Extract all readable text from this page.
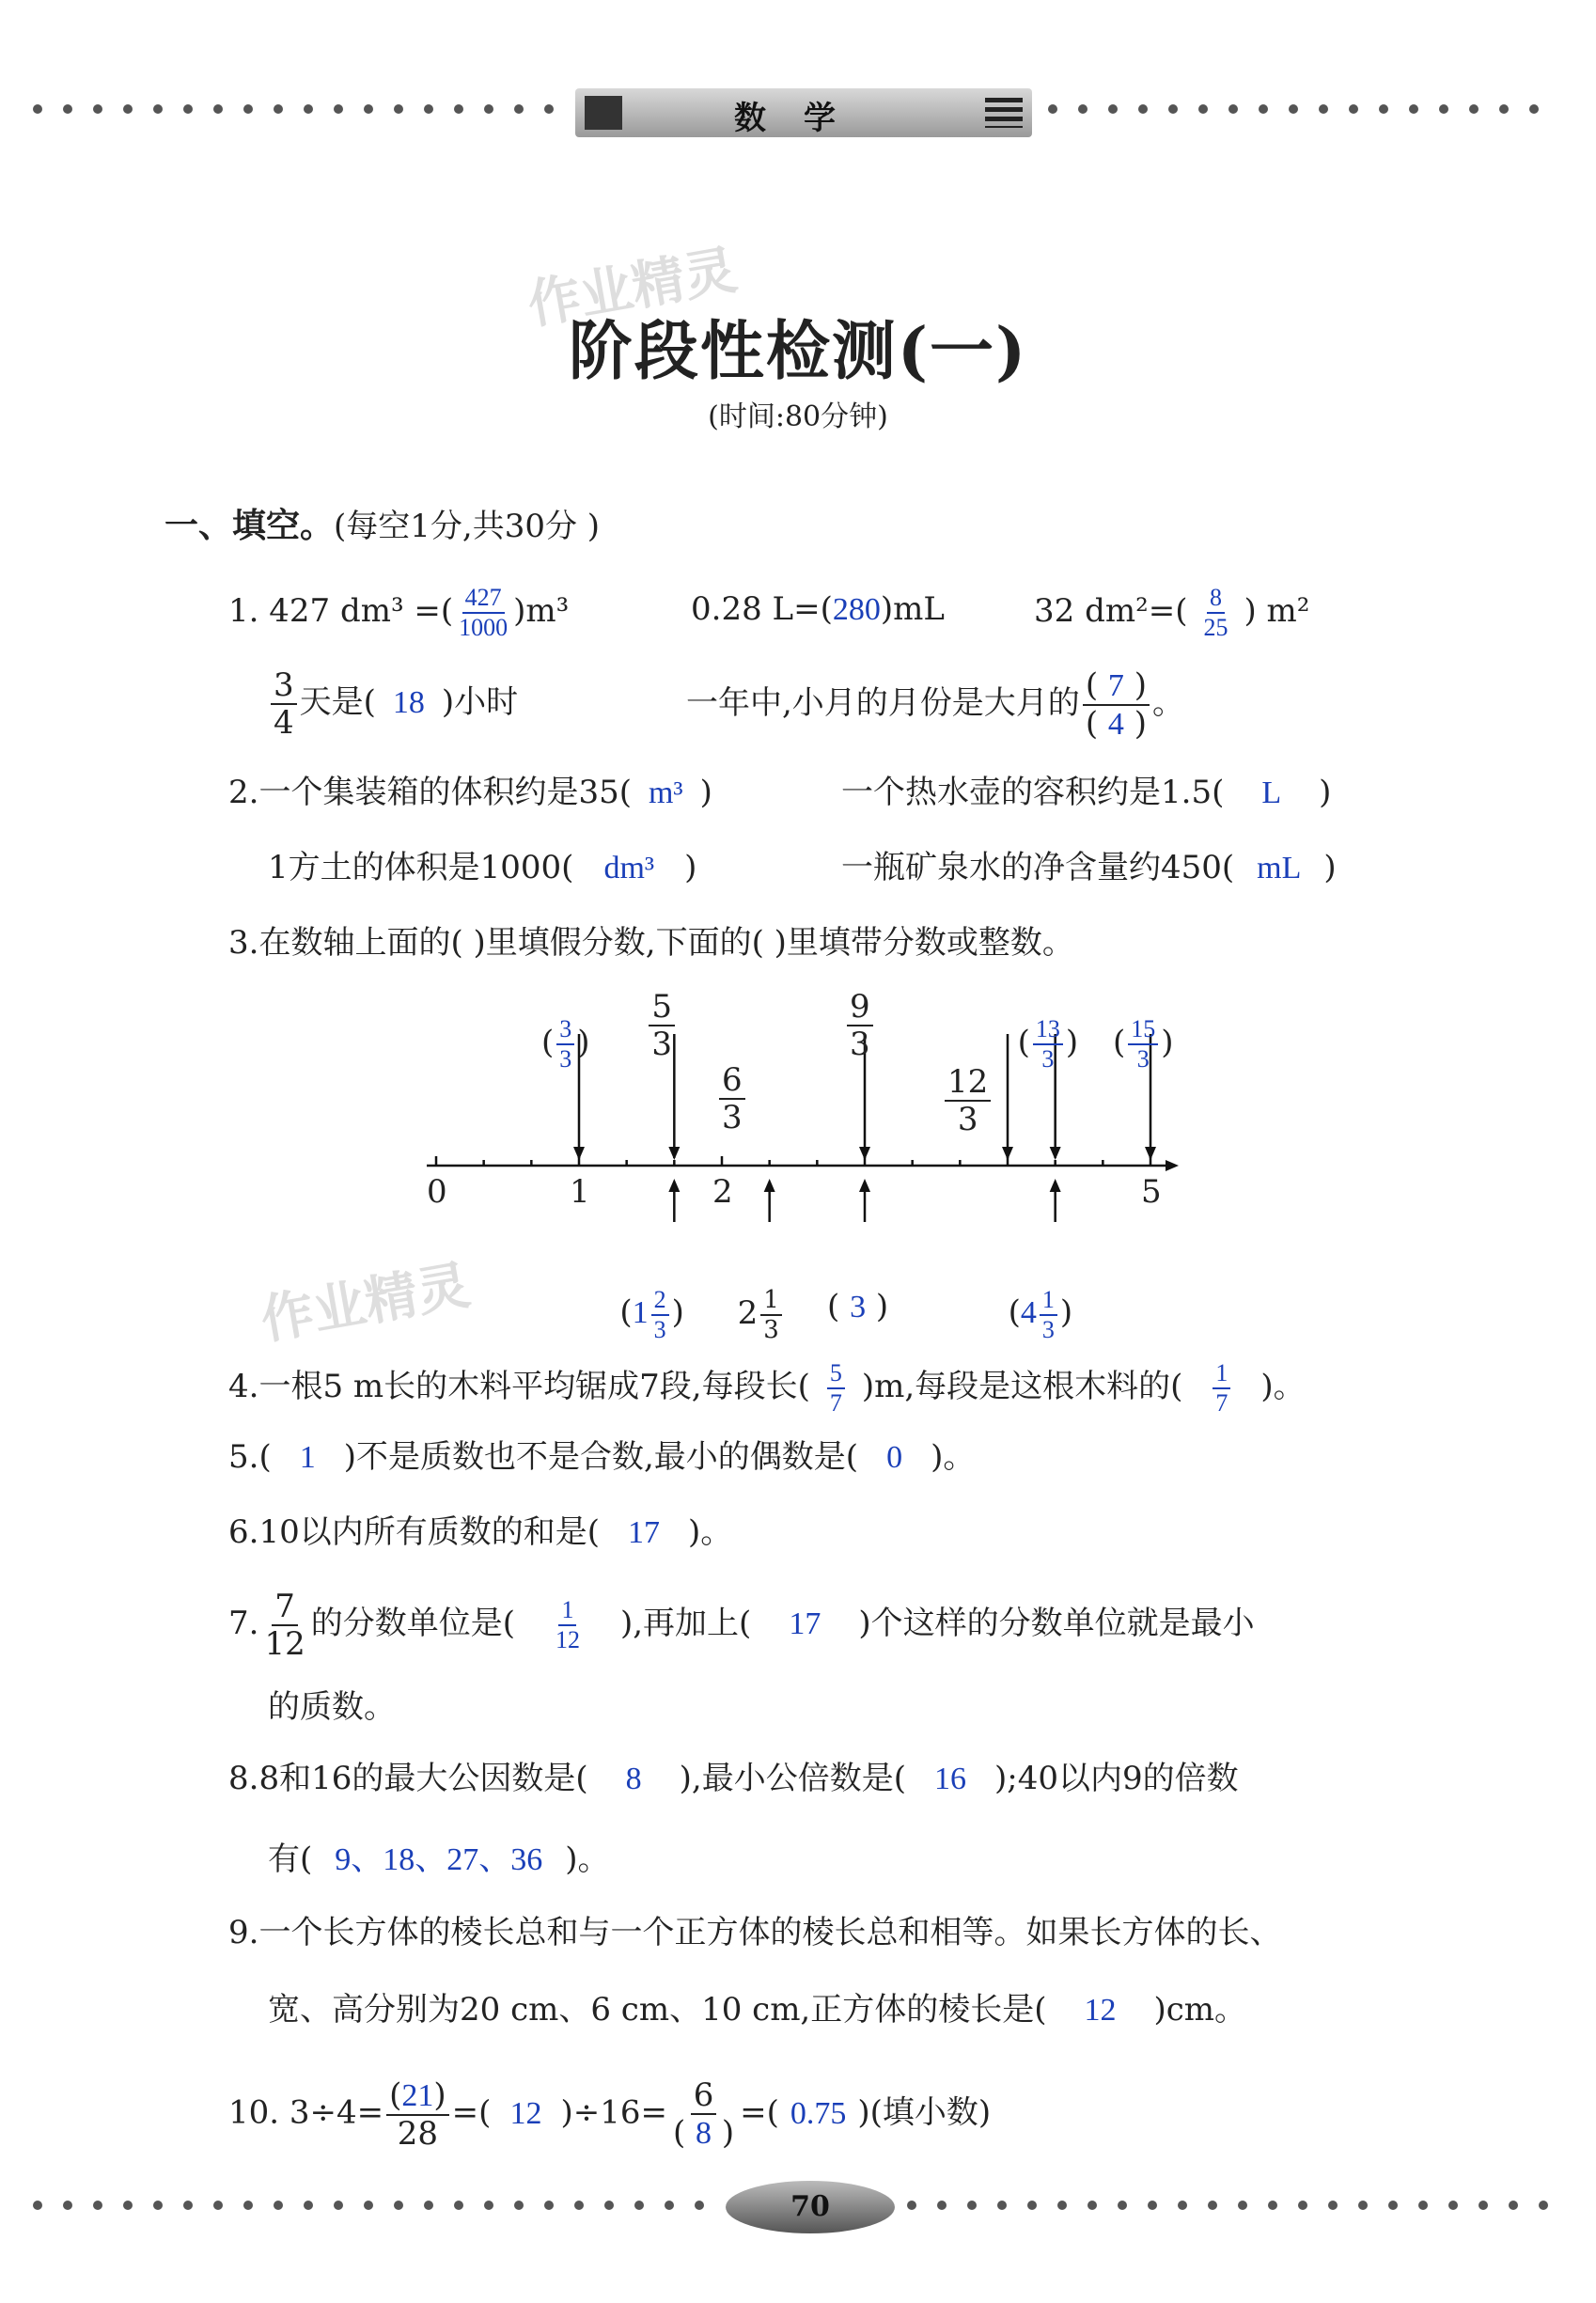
数学
作业精灵
作业精灵
阶段性检测(一)
(时间:80分钟)
一、填空。(每空1分,共30分 )
1. 427 dm³ =( $\frac{427}{1000} )m^3$	0.28 L=(280)mL	32 $dm^2=( \frac{8}{25}$ ) m²
$\frac{3}{4}$ 天是( 18 )小时	一年中,小月的月份是大月的 $\frac{( 7 )}{( 4 )}$ 。
2.一个集装箱的体积约是35( m³ )	一个热水壶的容积约是1.5( L )
1方土的体积是1000( dm³ )	一瓶矿泉水的净含量约450( mL )
3.在数轴上面的( )里填假分数,下面的( )里填带分数或整数。
0	1	2	5
( $\frac{3}{3}$ ) $\frac{5}{3}$
$\frac{6}{3}$
$\frac{9}{3}$
$\frac{12}{3}$
( $\frac{13}{3}$ ) ( $\frac{15}{3}$ )
($1 \frac{2}{3}$ ) $2 \frac{1}{3}$ ( 3 )	($4 \frac{1}{3}$ )
4.一根5 m长的木料平均锯成7段,每段长( $\frac{5}{7} )m$,每段是这根木料的( $\frac{1}{7}$ )。
5.( 1 )不是质数也不是合数,最小的偶数是( 0 )。
6.10以内所有质数的和是( 17 )。
7. $\frac{7}{12}$ 的分数单位是( $\frac{1}{12}$ ),再加上( 17 )个这样的分数单位就是最小
的质数。
8.8和16的最大公因数是( 8 ),最小公倍数是( 16 );40以内9的倍数
有( 9、18、27、36 )。
9.一个长方体的棱长总和与一个正方体的棱长总和相等。如果长方体的长、
宽、高分别为20 cm、6 cm、10 cm,正方体的棱长是( 12 )cm。
10. $3\div 4= \frac{(21)}{28}$ =( 12 )$\div 16= \frac{6}{( 8 )}$ =( 0.75 )(填小数)
70
